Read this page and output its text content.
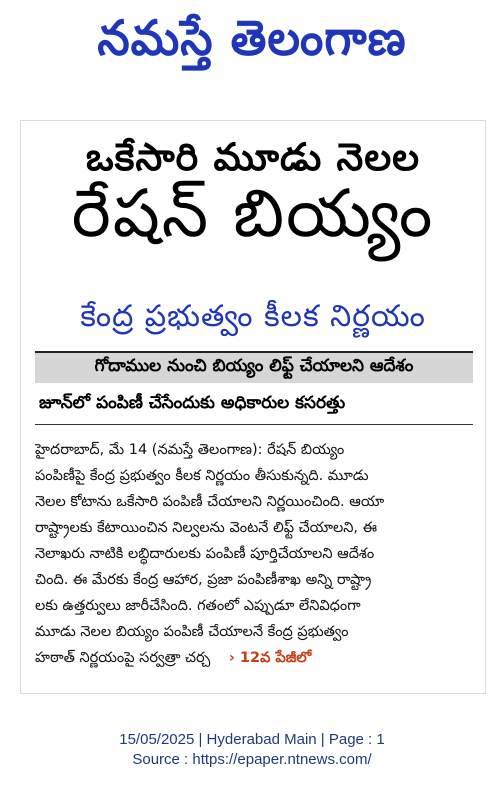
నమస్తే తెలంగాణ
ఒకేసారి మూడు నెలల
రేషన్ బియ్యం
కేంద్ర ప్రభుత్వం కీలక నిర్ణయం
గోదాముల నుంచి బియ్యం లిఫ్ట్ చేయాలని ఆదేశం
జూన్‌లో పంపిణీ చేసేందుకు అధికారుల కసరత్తు
హైదరాబాద్, మే 14 (నమస్తే తెలంగాణ): రేషన్ బియ్యం
పంపిణీపై కేంద్ర ప్రభుత్వం కీలక నిర్ణయం తీసుకున్నది. మూడు
నెలల కోటాను ఒకేసారి పంపిణీ చేయాలని నిర్ణయించింది. ఆయా
రాష్ట్రాలకు కేటాయించిన నిల్వలను వెంటనే లిఫ్ట్ చేయాలని, ఈ
నెలాఖరు నాటికి లబ్ధిదారులకు పంపిణీ పూర్తిచేయాలని ఆదేశం
చింది. ఈ మేరకు కేంద్ర ఆహార, ప్రజా పంపిణీశాఖ అన్ని రాష్ట్రా
లకు ఉత్తర్వులు జారీచేసింది. గతంలో ఎప్పుడూ లేనివిధంగా
మూడు నెలల బియ్యం పంపిణీ చేయాలనే కేంద్ర ప్రభుత్వం
హఠాత్ నిర్ణయంపై సర్వత్రా చర్చ › 12వ పేజీలో
15/05/2025 | Hyderabad Main | Page : 1
Source : https://epaper.ntnews.com/
